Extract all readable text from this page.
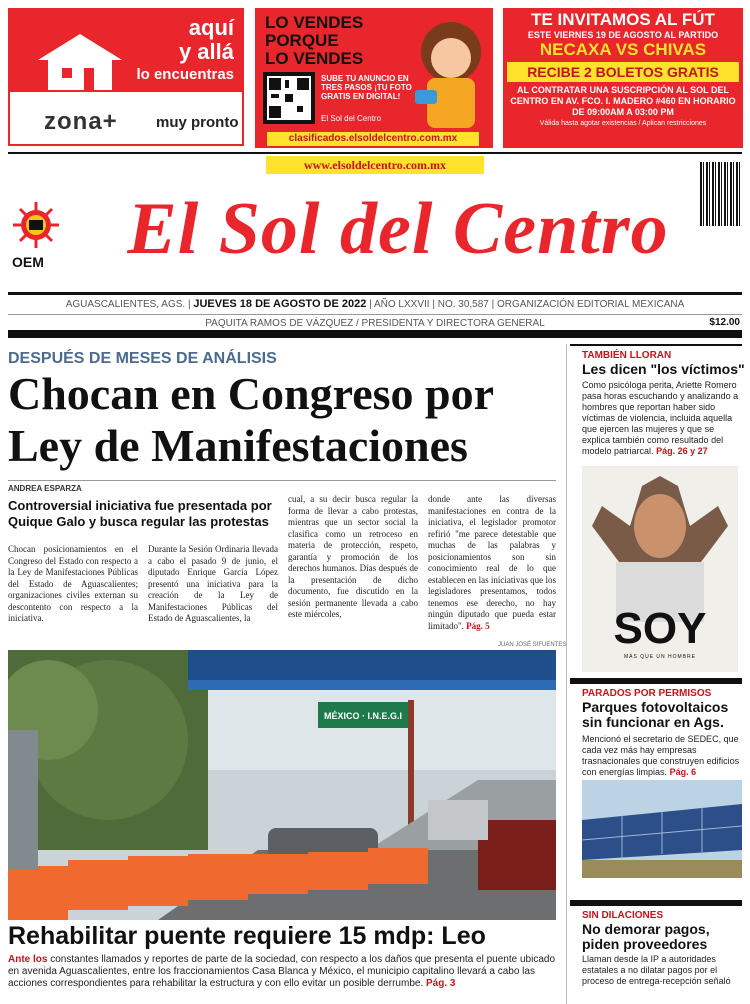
aquí
y allá
lo encuentras
zona+	muy pronto
LO VENDES
PORQUE
LO VENDES
SUBE TU ANUNCIO EN TRES PASOS ¡TU FOTO GRATIS EN DIGITAL!
El Sol del Centro
clasificados.elsoldelcentro.com.mx
TE INVITAMOS AL FÚT
ESTE VIERNES 19 DE AGOSTO AL PARTIDO
NECAXA VS CHIVAS
RECIBE 2 BOLETOS GRATIS
AL CONTRATAR UNA SUSCRIPCIÓN AL SOL DEL CENTRO EN AV. FCO. I. MADERO #460 EN HORARIO DE 09:00AM A 03:00 PM
Válida hasta agotar existencias / Aplican restricciones
www.elsoldelcentro.com.mx
OEM	El Sol del Centro
AGUASCALIENTES, AGS. | JUEVES 18 DE AGOSTO DE 2022 | AÑO LXXVII | NO. 30,587 | ORGANIZACIÓN EDITORIAL MEXICANA
PAQUITA RAMOS DE VÁZQUEZ / PRESIDENTA Y DIRECTORA GENERAL	$12.00
DESPUÉS DE MESES DE ANÁLISIS
Chocan en Congreso por Ley de Manifestaciones
ANDREA ESPARZA
Controversial iniciativa fue presentada por Quique Galo y busca regular las protestas
Chocan posicionamientos en el Congreso del Estado con respecto a la Ley de Manifestaciones Públicas del Estado de Aguascalientes; organizaciones civiles externan su descontento con respecto a la iniciativa.
Durante la Sesión Ordinaria llevada a cabo el pasado 9 de junio, el diputado Enrique García López presentó una iniciativa para la creación de la Ley de Manifestaciones Públicas del Estado de Aguascalientes, la
cual, a su decir busca regular la forma de llevar a cabo protestas, mientras que un sector social la clasifica como un retroceso en materia de protección, respeto, garantía y promoción de los derechos humanos. Días después de la presentación de dicho documento, fue discutido en la sesión permanente llevada a cabo este miércoles,
donde ante las diversas manifestaciones en contra de la iniciativa, el legislador promotor refirió "me parece detestable que muchas de las palabras y posicionamientos son sin conocimiento real de lo que establecen en las iniciativas que los legisladores presentamos, todos tenemos ese derecho, no hay ningún diputado que pueda estar limitado". Pág. 5
JUAN JOSÉ SIFUENTES
MÉXICO · I.N.E.G.I
Rehabilitar puente requiere 15 mdp: Leo
Ante los constantes llamados y reportes de parte de la sociedad, con respecto a los daños que presenta el puente ubicado en avenida Aguascalientes, entre los fraccionamientos Casa Blanca y México, el municipio capitalino llevará a cabo las acciones correspondientes para rehabilitar la estructura y con ello evitar un posible derrumbe. Pág. 3
TAMBIÉN LLORAN
Les dicen "los víctimos"
Como psicóloga perita, Ariette Romero pasa horas escuchando y analizando a hombres que reportan haber sido víctimas de violencia, incluida aquella que ejercen las mujeres y que se explica también como resultado del modelo patriarcal. Pág. 26 y 27
SOY
MÁS QUE UN HOMBRE
PARADOS POR PERMISOS
Parques fotovoltaicos sin funcionar en Ags.
Mencionó el secretario de SEDEC, que cada vez más hay empresas trasnacionales que construyen edificios con energías limpias. Pág. 6
SIN DILACIONES
No demorar pagos, piden proveedores
Llaman desde la IP a autoridades estatales a no dilatar pagos por el proceso de entrega-recepción señaló
